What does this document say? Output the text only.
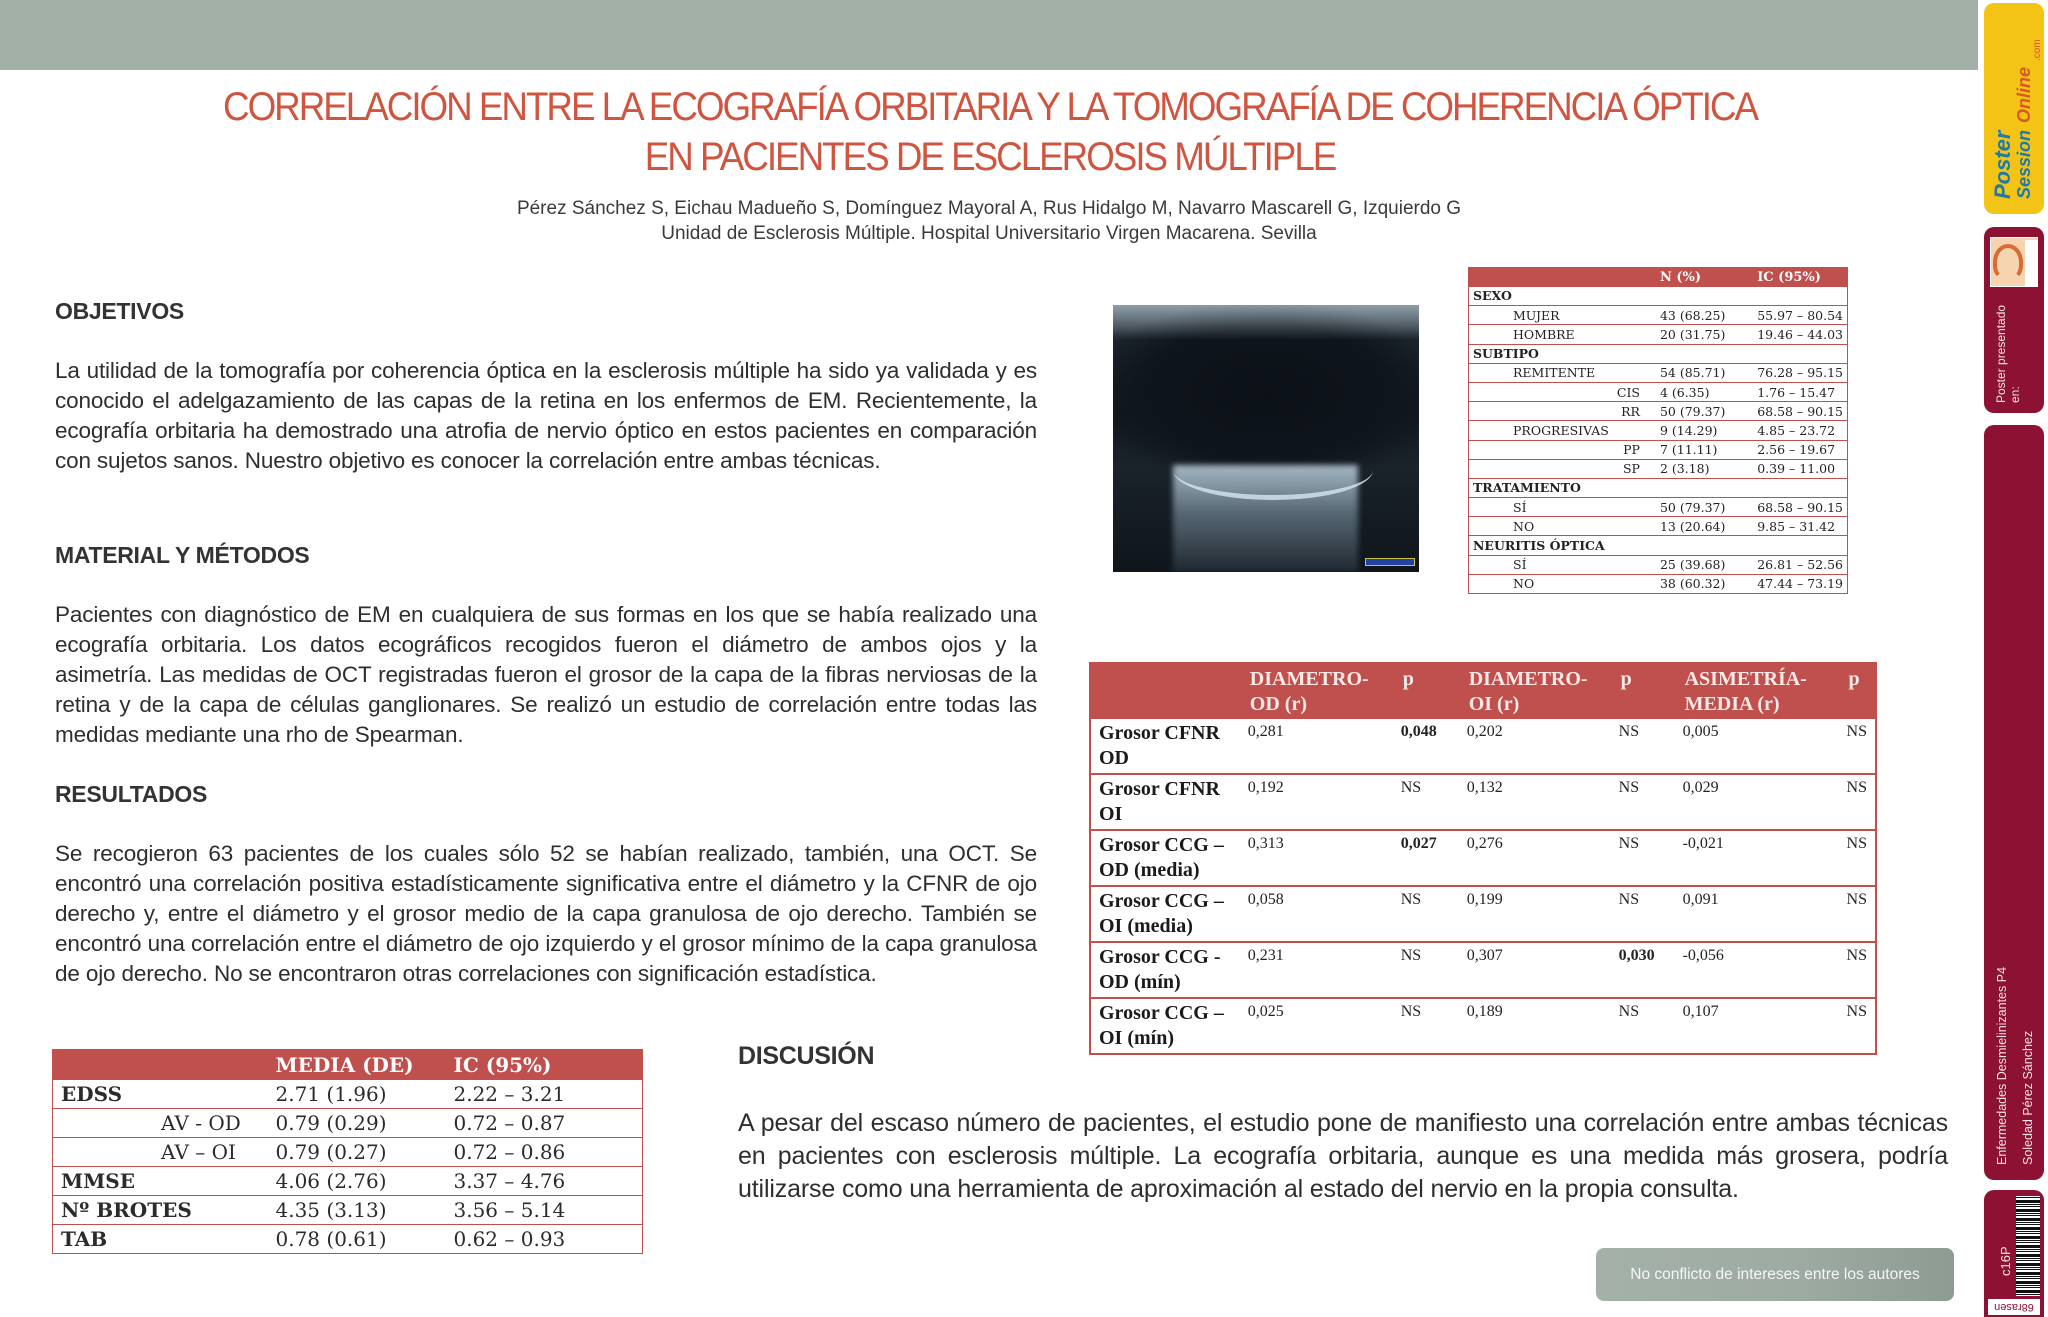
CORRELACIÓN ENTRE LA ECOGRAFÍA ORBITARIA Y LA TOMOGRAFÍA DE COHERENCIA ÓPTICA
EN PACIENTES DE ESCLEROSIS MÚLTIPLE
Pérez Sánchez S, Eichau Madueño S, Domínguez Mayoral A, Rus Hidalgo M, Navarro Mascarell G, Izquierdo G
Unidad de Esclerosis Múltiple. Hospital Universitario Virgen Macarena. Sevilla
OBJETIVOS
La utilidad de la tomografía por coherencia óptica en la esclerosis múltiple ha sido ya validada y es conocido el adelgazamiento de las capas de la retina en los enfermos de EM. Recientemente, la ecografía orbitaria ha demostrado una atrofia de nervio óptico en estos pacientes en comparación con sujetos sanos. Nuestro objetivo es conocer la correlación entre ambas técnicas.
MATERIAL Y MÉTODOS
Pacientes con diagnóstico de EM en cualquiera de sus formas en los que se había realizado una ecografía orbitaria. Los datos ecográficos recogidos fueron el diámetro de ambos ojos y la asimetría. Las medidas de OCT registradas fueron el grosor de la capa de la fibras nerviosas de la retina y de la capa de células ganglionares. Se realizó un estudio de correlación entre todas las medidas mediante una rho de Spearman.
RESULTADOS
Se recogieron 63 pacientes de los cuales sólo 52 se habían realizado, también, una OCT. Se encontró una correlación positiva estadísticamente significativa entre el diámetro y la CFNR de ojo derecho y, entre el diámetro y el grosor medio de la capa granulosa de ojo derecho. También se encontró una correlación entre el diámetro de ojo izquierdo y el grosor mínimo de la capa granulosa de ojo derecho. No se encontraron otras correlaciones con significación estadística.
	MEDIA (DE)	IC (95%)
EDSS	2.71 (1.96)	2.22 – 3.21
AV - OD	0.79 (0.29)	0.72 – 0.87
AV – OI	0.79 (0.27)	0.72 – 0.86
MMSE	4.06 (2.76)	3.37 – 4.76
Nº BROTES	4.35 (3.13)	3.56 – 5.14
TAB	0.78 (0.61)	0.62 – 0.93
		N (%)	IC (95%)
SEXO			
MUJER		43 (68.25)	55.97 – 80.54
HOMBRE		20 (31.75)	19.46 – 44.03
SUBTIPO			
REMITENTE		54 (85.71)	76.28 – 95.15
	CIS	4 (6.35)	1.76 – 15.47
	RR	50 (79.37)	68.58 – 90.15
PROGRESIVAS		9 (14.29)	4.85 – 23.72
	PP	7 (11.11)	2.56 – 19.67
	SP	2 (3.18)	0.39 – 11.00
TRATAMIENTO			
SÍ		50 (79.37)	68.58 – 90.15
NO		13 (20.64)	9.85 – 31.42
NEURITIS ÓPTICA			
SÍ		25 (39.68)	26.81 – 52.56
NO		38 (60.32)	47.44 – 73.19
	DIAMETRO-OD (r)	p	DIAMETRO-OI (r)	p	ASIMETRÍA-MEDIA (r)	p
Grosor CFNR OD	0,281	0,048	0,202	NS	0,005	NS
Grosor CFNR OI	0,192	NS	0,132	NS	0,029	NS
Grosor CCG – OD (media)	0,313	0,027	0,276	NS	-0,021	NS
Grosor CCG – OI (media)	0,058	NS	0,199	NS	0,091	NS
Grosor CCG - OD (mín)	0,231	NS	0,307	0,030	-0,056	NS
Grosor CCG – OI (mín)	0,025	NS	0,189	NS	0,107	NS
DISCUSIÓN
A pesar del escaso número de pacientes, el estudio pone de manifiesto una correlación entre ambas técnicas en pacientes con esclerosis múltiple. La ecografía orbitaria, aunque es una medida más grosera, podría utilizarse como una herramienta de aproximación al estado del nervio en la propia consulta.
No conflicto de intereses entre los autores
Poster Session
Online
.com
Poster presentado en:
Enfermedades Desmielinizantes P4 Soledad Pérez Sánchez
c16P
68rasen
